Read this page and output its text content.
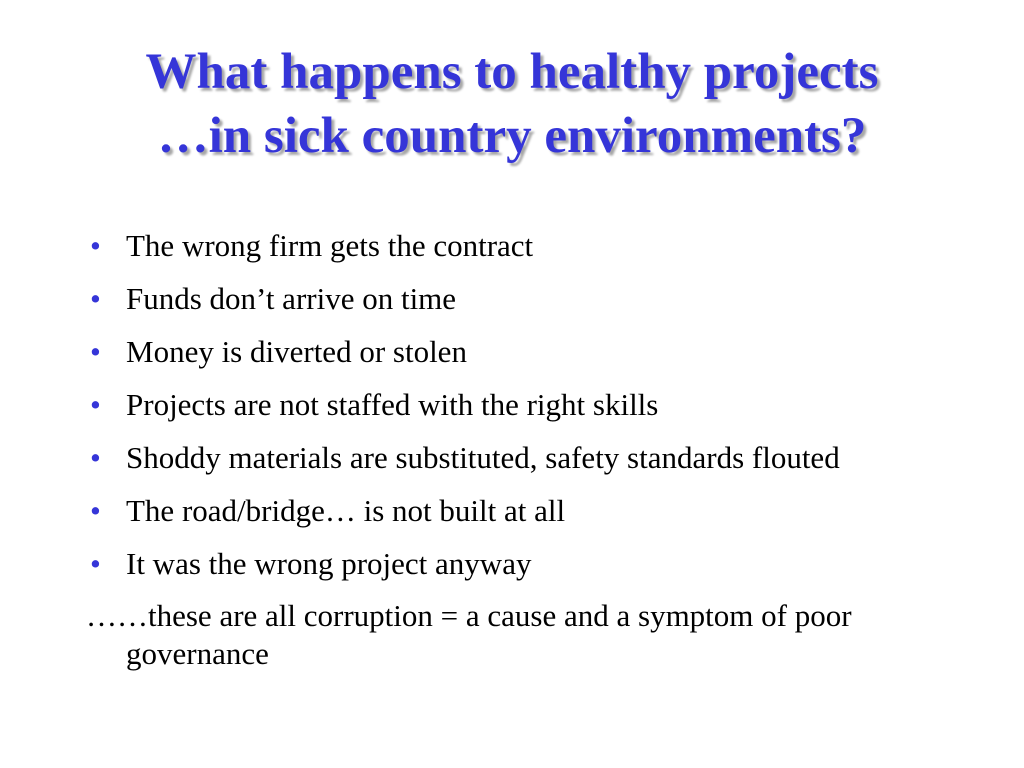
What happens to healthy projects
…in sick country environments?
• The wrong firm gets the contract
• Funds don’t arrive on time
• Money is diverted or stolen
• Projects are not staffed with the right skills
• Shoddy materials are substituted, safety standards flouted
• The road/bridge… is not built at all
• It was the wrong project anyway

……these are all corruption = a cause and a symptom of poor governance
